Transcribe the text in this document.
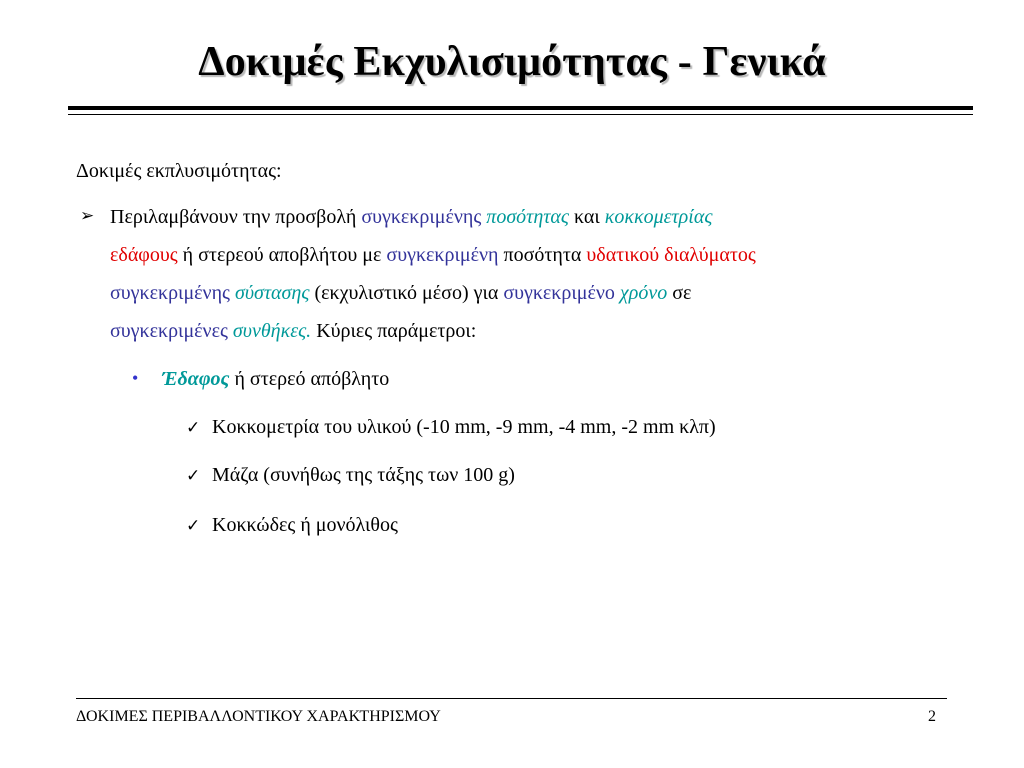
Δοκιμές Εκχυλισιμότητας - Γενικά
Δοκιμές εκπλυσιμότητας:
➢ Περιλαμβάνουν την προσβολή συγκεκριμένης ποσότητας και κοκκομετρίας
εδάφους ή στερεού αποβλήτου με συγκεκριμένη ποσότητα υδατικού διαλύματος
συγκεκριμένης σύστασης (εκχυλιστικό μέσο) για συγκεκριμένο χρόνο σε
συγκεκριμένες συνθήκες. Κύριες παράμετροι:
• Έδαφος ή στερεό απόβλητο
✓ Κοκκομετρία του υλικού (-10 mm, -9 mm, -4 mm, -2 mm κλπ)
✓ Μάζα (συνήθως της τάξης των 100 g)
✓ Κοκκώδες ή μονόλιθος
ΔΟΚΙΜΕΣ ΠΕΡΙΒΑΛΛΟΝΤΙΚΟΥ ΧΑΡΑΚΤΗΡΙΣΜΟΥ	2
